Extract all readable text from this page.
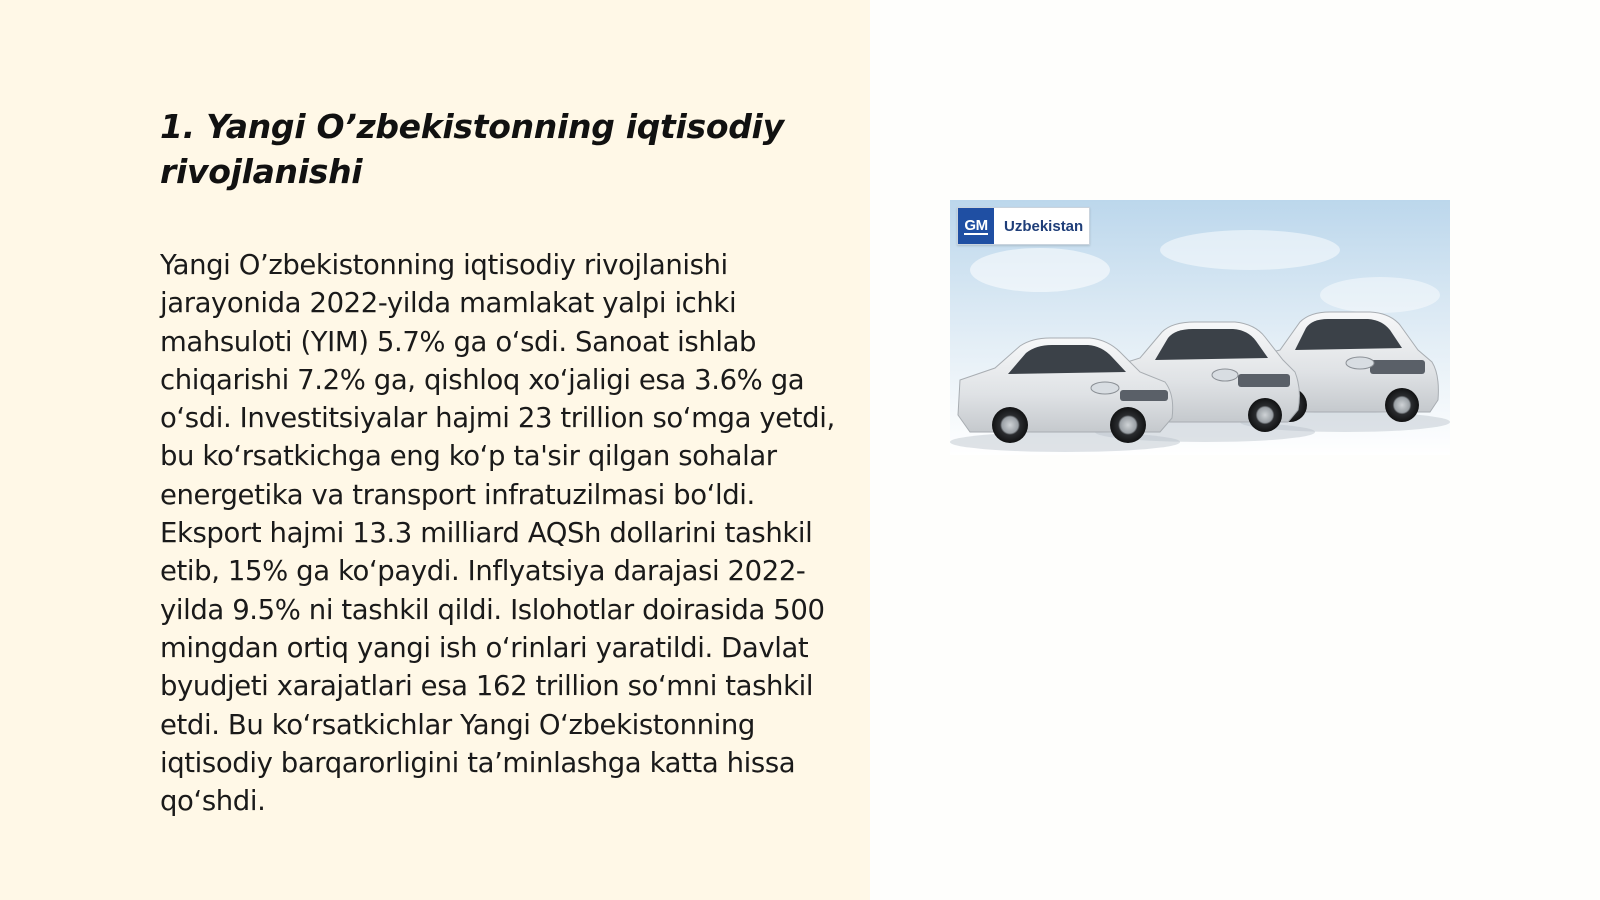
1. Yangi O’zbekistonning iqtisodiy rivojlanishi

Yangi O’zbekistonning iqtisodiy rivojlanishi jarayonida 2022-yilda mamlakat yalpi ichki mahsuloti (YIM) 5.7% ga o‘sdi. Sanoat ishlab chiqarishi 7.2% ga, qishloq xo‘jaligi esa 3.6% ga o‘sdi. Investitsiyalar hajmi 23 trillion so‘mga yetdi, bu ko‘rsatkichga eng ko‘p ta'sir qilgan sohalar energetika va transport infratuzilmasi bo‘ldi. Eksport hajmi 13.3 milliard AQSh dollarini tashkil etib, 15% ga ko‘paydi. Inflyatsiya darajasi 2022-yilda 9.5% ni tashkil qildi. Islohotlar doirasida 500 mingdan ortiq yangi ish o‘rinlari yaratildi. Davlat byudjeti xarajatlari esa 162 trillion so‘mni tashkil etdi. Bu ko‘rsatkichlar Yangi O‘zbekistonning iqtisodiy barqarorligini ta’minlashga katta hissa qo‘shdi.

GM Uzbekistan
